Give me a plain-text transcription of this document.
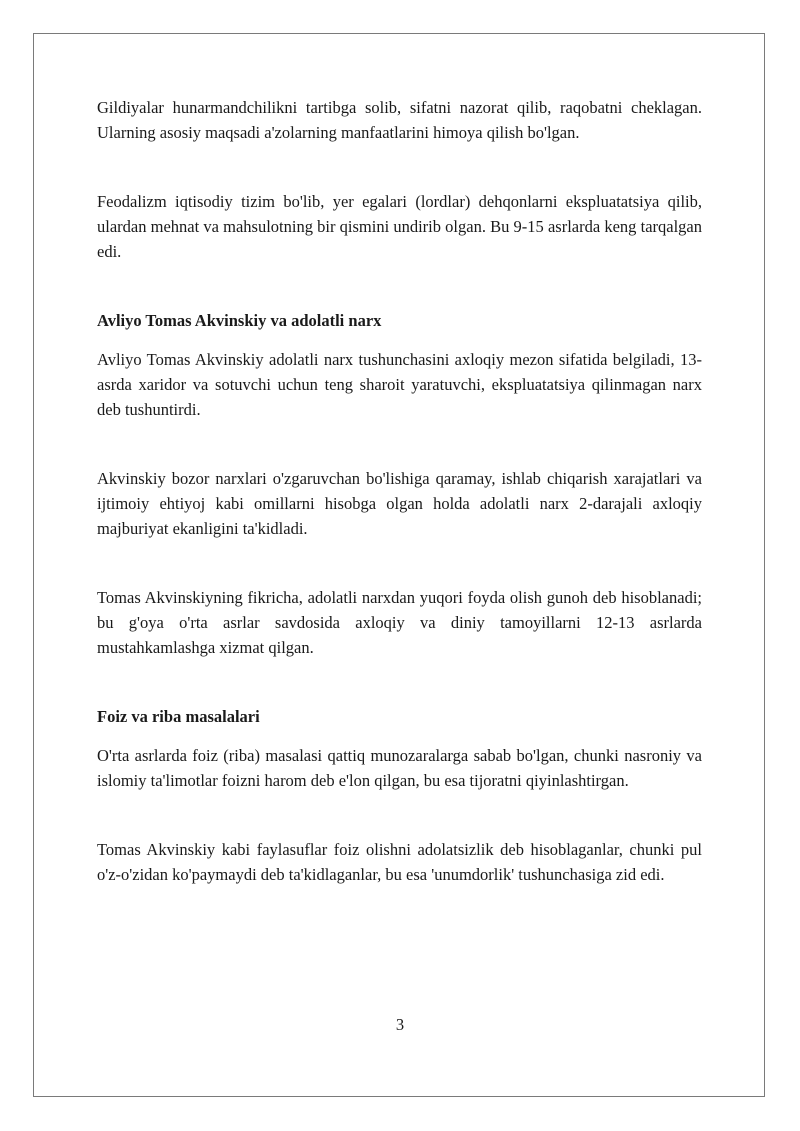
Gildiyalar hunarmandchilikni tartibga solib, sifatni nazorat qilib, raqobatni cheklagan. Ularning asosiy maqsadi a'zolarning manfaatlarini himoya qilish bo'lgan.

Feodalizm iqtisodiy tizim bo'lib, yer egalari (lordlar) dehqonlarni ekspluatatsiya qilib, ulardan mehnat va mahsulotning bir qismini undirib olgan. Bu 9-15 asrlarda keng tarqalgan edi.

Avliyo Tomas Akvinskiy va adolatli narx

Avliyo Tomas Akvinskiy adolatli narx tushunchasini axloqiy mezon sifatida belgiladi, 13-asrda xaridor va sotuvchi uchun teng sharoit yaratuvchi, ekspluatatsiya qilinmagan narx deb tushuntirdi.

Akvinskiy bozor narxlari o'zgaruvchan bo'lishiga qaramay, ishlab chiqarish xarajatlari va ijtimoiy ehtiyoj kabi omillarni hisobga olgan holda adolatli narx 2-darajali axloqiy majburiyat ekanligini ta'kidladi.

Tomas Akvinskiyning fikricha, adolatli narxdan yuqori foyda olish gunoh deb hisoblanadi; bu g'oya o'rta asrlar savdosida axloqiy va diniy tamoyillarni 12-13 asrlarda mustahkamlashga xizmat qilgan.

Foiz va riba masalalari

O'rta asrlarda foiz (riba) masalasi qattiq munozaralarga sabab bo'lgan, chunki nasroniy va islomiy ta'limotlar foizni harom deb e'lon qilgan, bu esa tijoratni qiyinlashtirgan.

Tomas Akvinskiy kabi faylasuflar foiz olishni adolatsizlik deb hisoblaganlar, chunki pul o'z-o'zidan ko'paymaydi deb ta'kidlaganlar, bu esa 'unumdorlik' tushunchasiga zid edi.

3
